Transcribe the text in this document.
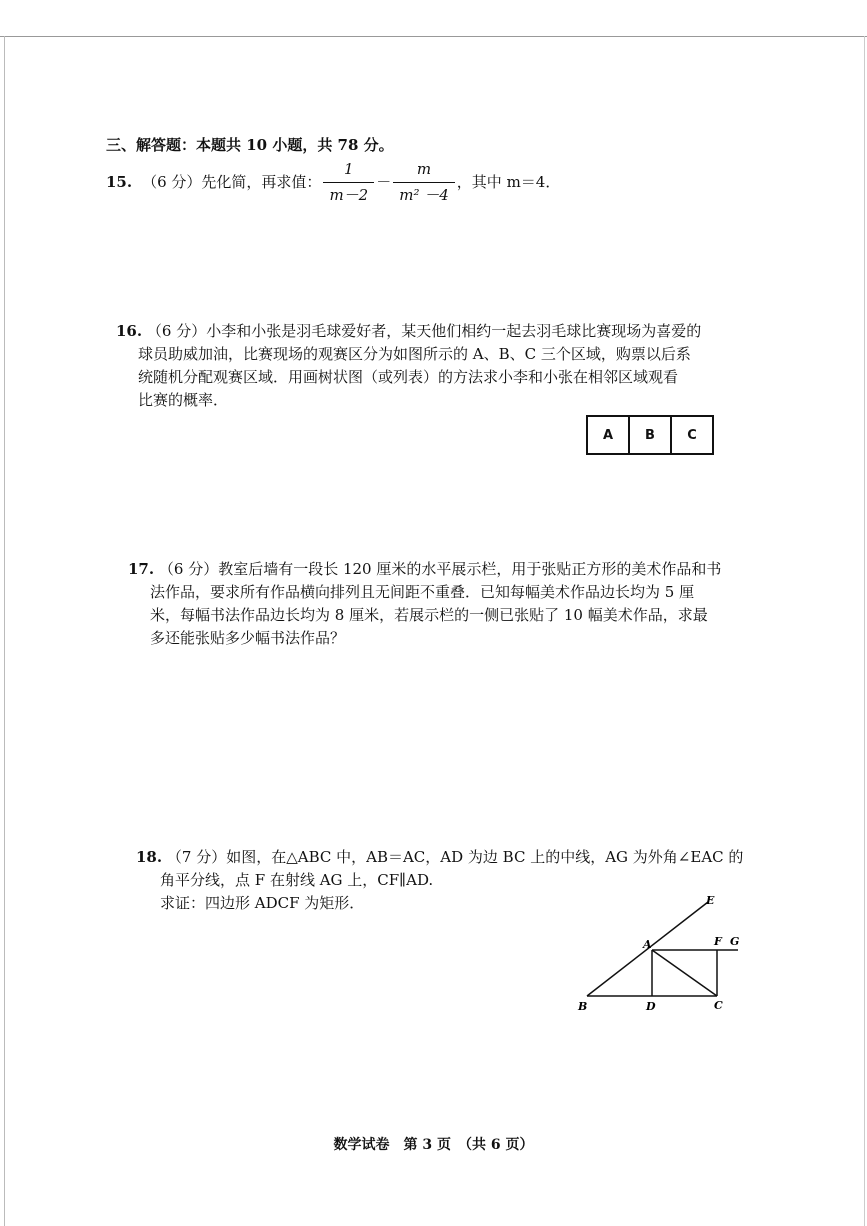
三、解答题：本题共 10 小题，共 78 分。
15. （6 分）先化简，再求值： $\frac{1}{m-2} - \frac{m}{\text{m² －4}}$ ，其中 m＝4．
16. （6 分）小李和小张是羽毛球爱好者，某天他们相约一起去羽毛球比赛现场为喜爱的
球员助威加油，比赛现场的观赛区分为如图所示的 A、B、C 三个区域，购票以后系
统随机分配观赛区域．用画树状图（或列表）的方法求小李和小张在相邻区域观看
比赛的概率．
A	B	C
17. （6 分）教室后墙有一段长 120 厘米的水平展示栏，用于张贴正方形的美术作品和书
法作品，要求所有作品横向排列且无间距不重叠．已知每幅美术作品边长均为 5 厘
米，每幅书法作品边长均为 8 厘米，若展示栏的一侧已张贴了 10 幅美术作品，求最
多还能张贴多少幅书法作品？
18. （7 分）如图，在△ABC 中，AB＝AC，AD 为边 BC 上的中线，AG 为外角∠EAC 的
角平分线，点 F 在射线 AG 上，CF∥AD.
求证：四边形 ADCF 为矩形．	E
A	F G
B	D	C
数学试卷　第 3 页　（共 6 页）
